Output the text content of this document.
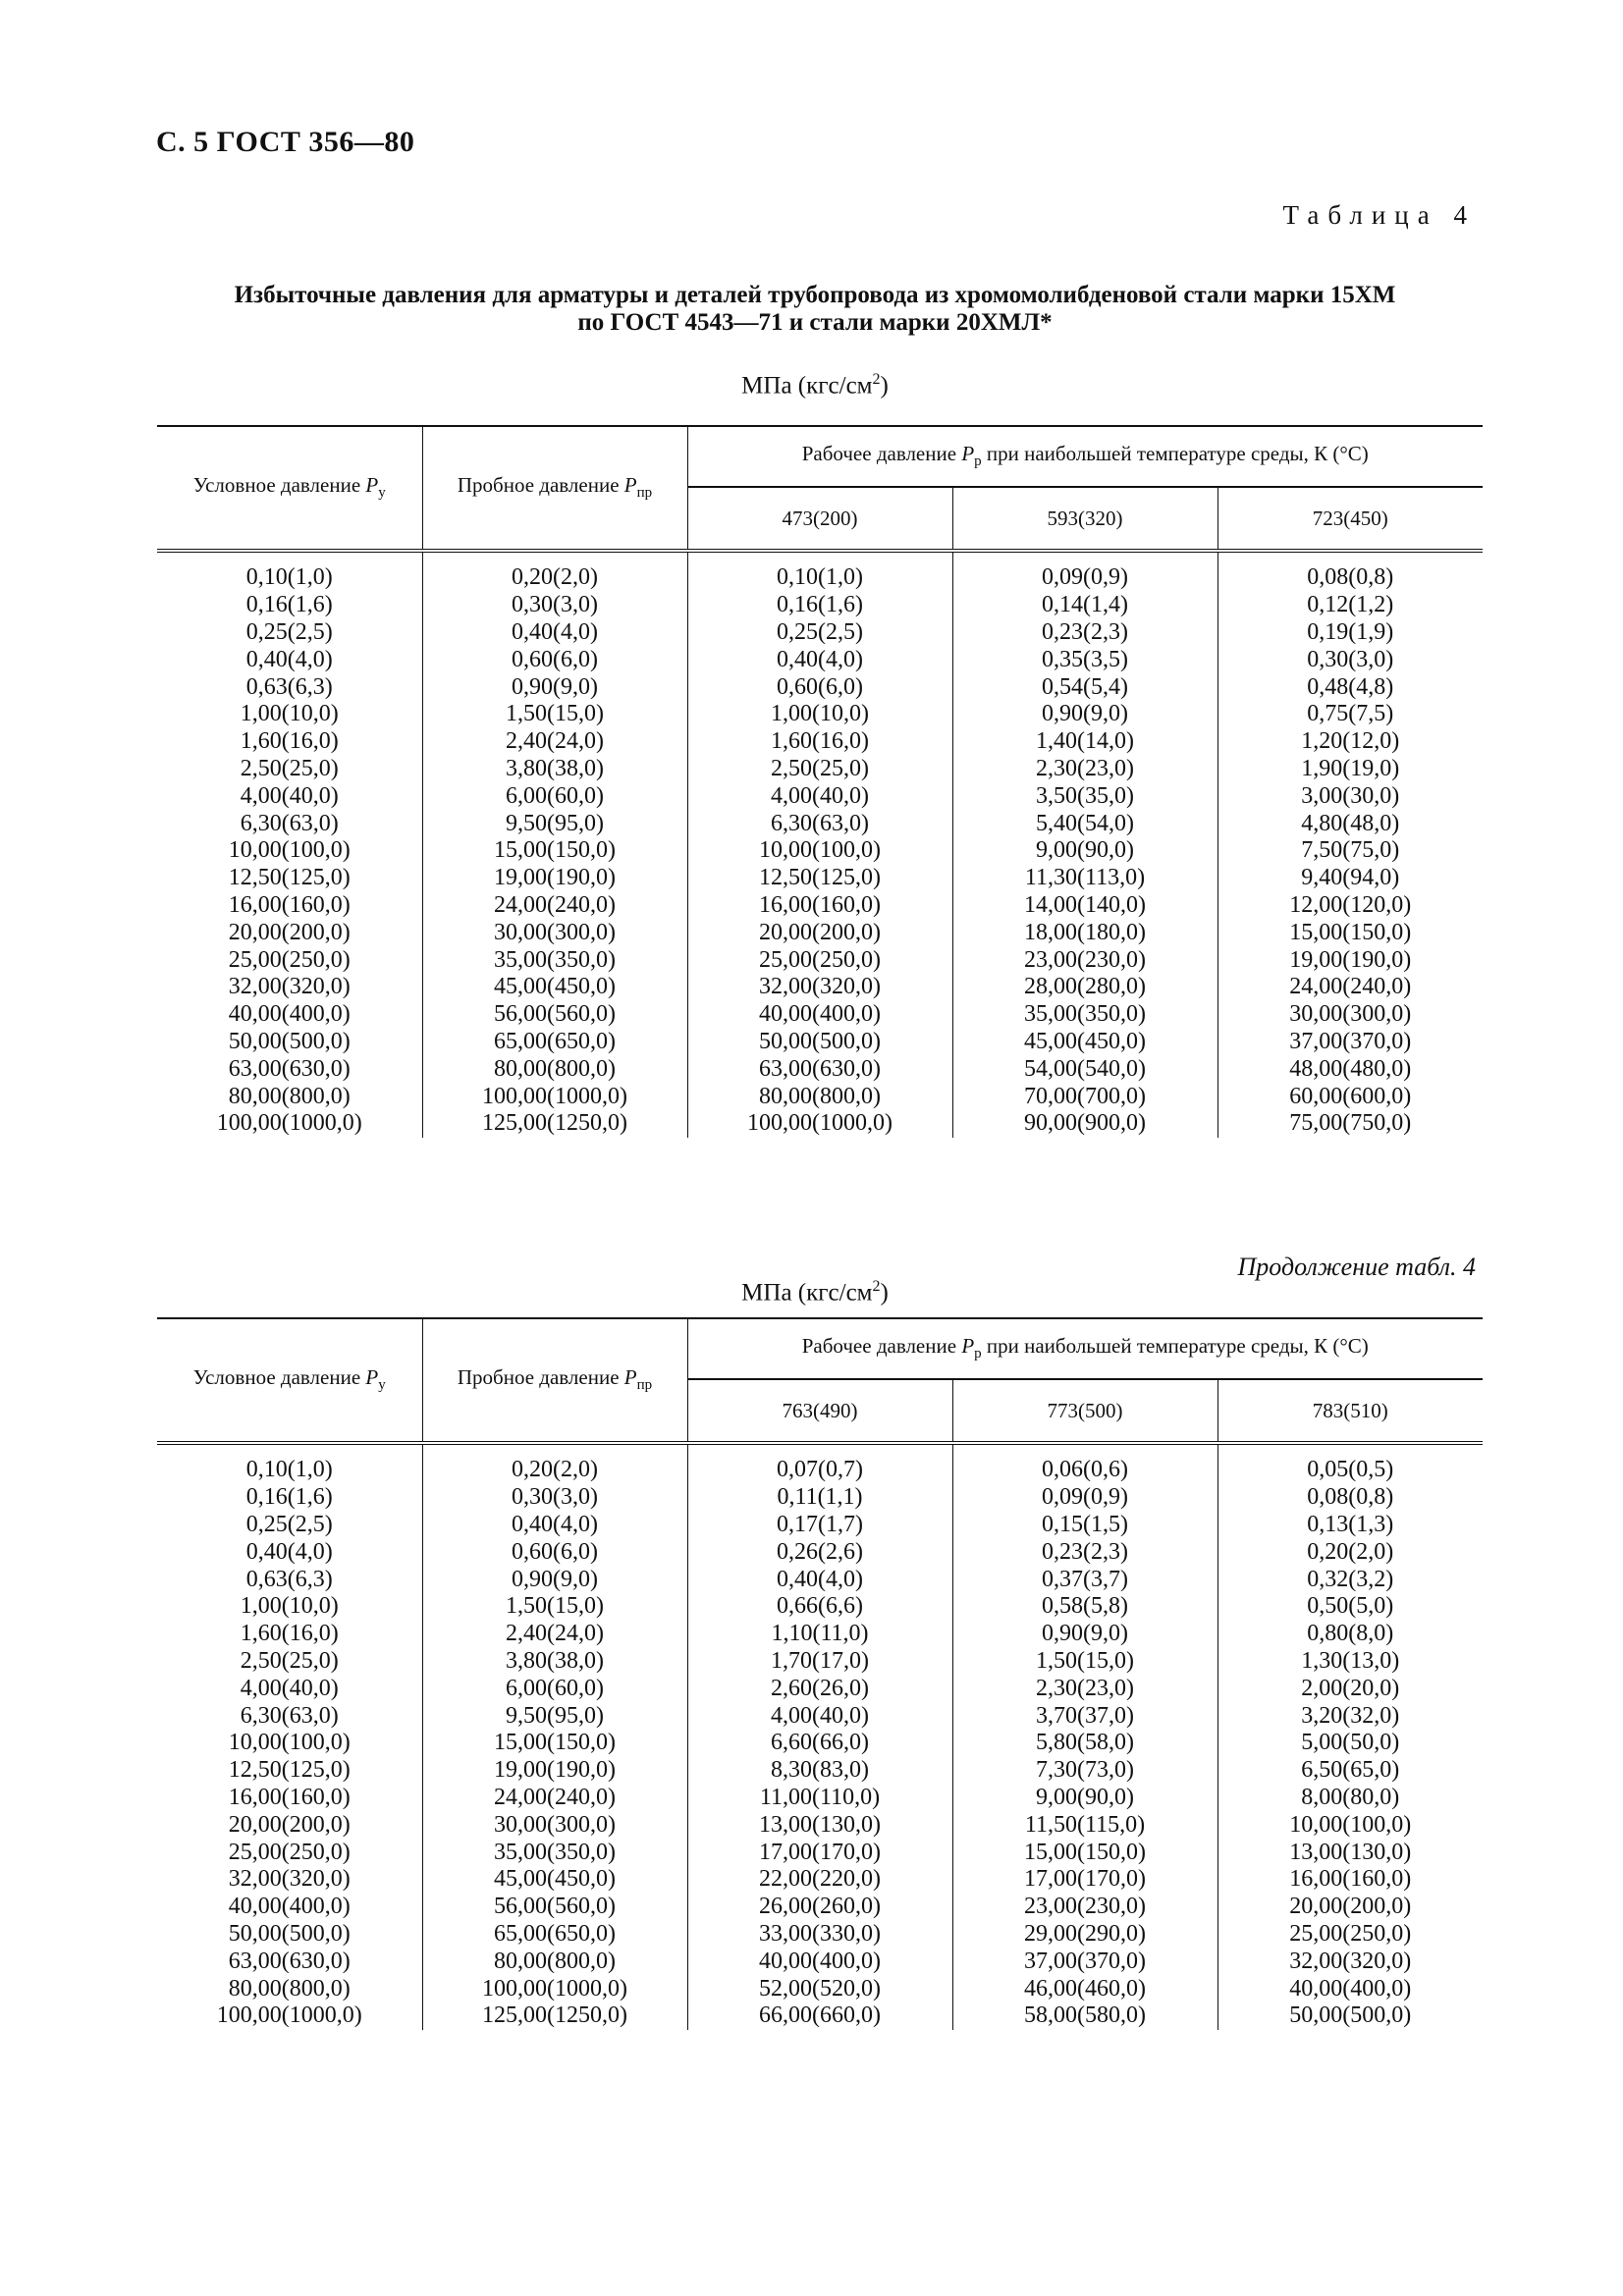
С. 5 ГОСТ 356—80
Таблица 4
Избыточные давления для арматуры и деталей трубопровода из хромомолибденовой стали марки 15ХМ
по ГОСТ 4543—71 и стали марки 20ХМЛ*
МПа $(кгс/см^2)$
Условное давление $P_у$	Пробное давление $P_{пр}$	Рабочее давление $P_р$ при наибольшей температуре среды, К (°С)		
		473(200)	593(320)	723(450)
0,10(1,0)	0,20(2,0)	0,10(1,0)	0,09(0,9)	0,08(0,8)
0,16(1,6)	0,30(3,0)	0,16(1,6)	0,14(1,4)	0,12(1,2)
0,25(2,5)	0,40(4,0)	0,25(2,5)	0,23(2,3)	0,19(1,9)
0,40(4,0)	0,60(6,0)	0,40(4,0)	0,35(3,5)	0,30(3,0)
0,63(6,3)	0,90(9,0)	0,60(6,0)	0,54(5,4)	0,48(4,8)
1,00(10,0)	1,50(15,0)	1,00(10,0)	0,90(9,0)	0,75(7,5)
1,60(16,0)	2,40(24,0)	1,60(16,0)	1,40(14,0)	1,20(12,0)
2,50(25,0)	3,80(38,0)	2,50(25,0)	2,30(23,0)	1,90(19,0)
4,00(40,0)	6,00(60,0)	4,00(40,0)	3,50(35,0)	3,00(30,0)
6,30(63,0)	9,50(95,0)	6,30(63,0)	5,40(54,0)	4,80(48,0)
10,00(100,0)	15,00(150,0)	10,00(100,0)	9,00(90,0)	7,50(75,0)
12,50(125,0)	19,00(190,0)	12,50(125,0)	11,30(113,0)	9,40(94,0)
16,00(160,0)	24,00(240,0)	16,00(160,0)	14,00(140,0)	12,00(120,0)
20,00(200,0)	30,00(300,0)	20,00(200,0)	18,00(180,0)	15,00(150,0)
25,00(250,0)	35,00(350,0)	25,00(250,0)	23,00(230,0)	19,00(190,0)
32,00(320,0)	45,00(450,0)	32,00(320,0)	28,00(280,0)	24,00(240,0)
40,00(400,0)	56,00(560,0)	40,00(400,0)	35,00(350,0)	30,00(300,0)
50,00(500,0)	65,00(650,0)	50,00(500,0)	45,00(450,0)	37,00(370,0)
63,00(630,0)	80,00(800,0)	63,00(630,0)	54,00(540,0)	48,00(480,0)
80,00(800,0)	100,00(1000,0)	80,00(800,0)	70,00(700,0)	60,00(600,0)
100,00(1000,0)	125,00(1250,0)	100,00(1000,0)	90,00(900,0)	75,00(750,0)
Продолжение табл. 4
МПа $(кгс/см^2)$
Условное давление $P_у$	Пробное давление $P_{пр}$	Рабочее давление $P_р$ при наибольшей температуре среды, К (°С)		
		763(490)	773(500)	783(510)
0,10(1,0)	0,20(2,0)	0,07(0,7)	0,06(0,6)	0,05(0,5)
0,16(1,6)	0,30(3,0)	0,11(1,1)	0,09(0,9)	0,08(0,8)
0,25(2,5)	0,40(4,0)	0,17(1,7)	0,15(1,5)	0,13(1,3)
0,40(4,0)	0,60(6,0)	0,26(2,6)	0,23(2,3)	0,20(2,0)
0,63(6,3)	0,90(9,0)	0,40(4,0)	0,37(3,7)	0,32(3,2)
1,00(10,0)	1,50(15,0)	0,66(6,6)	0,58(5,8)	0,50(5,0)
1,60(16,0)	2,40(24,0)	1,10(11,0)	0,90(9,0)	0,80(8,0)
2,50(25,0)	3,80(38,0)	1,70(17,0)	1,50(15,0)	1,30(13,0)
4,00(40,0)	6,00(60,0)	2,60(26,0)	2,30(23,0)	2,00(20,0)
6,30(63,0)	9,50(95,0)	4,00(40,0)	3,70(37,0)	3,20(32,0)
10,00(100,0)	15,00(150,0)	6,60(66,0)	5,80(58,0)	5,00(50,0)
12,50(125,0)	19,00(190,0)	8,30(83,0)	7,30(73,0)	6,50(65,0)
16,00(160,0)	24,00(240,0)	11,00(110,0)	9,00(90,0)	8,00(80,0)
20,00(200,0)	30,00(300,0)	13,00(130,0)	11,50(115,0)	10,00(100,0)
25,00(250,0)	35,00(350,0)	17,00(170,0)	15,00(150,0)	13,00(130,0)
32,00(320,0)	45,00(450,0)	22,00(220,0)	17,00(170,0)	16,00(160,0)
40,00(400,0)	56,00(560,0)	26,00(260,0)	23,00(230,0)	20,00(200,0)
50,00(500,0)	65,00(650,0)	33,00(330,0)	29,00(290,0)	25,00(250,0)
63,00(630,0)	80,00(800,0)	40,00(400,0)	37,00(370,0)	32,00(320,0)
80,00(800,0)	100,00(1000,0)	52,00(520,0)	46,00(460,0)	40,00(400,0)
100,00(1000,0)	125,00(1250,0)	66,00(660,0)	58,00(580,0)	50,00(500,0)
